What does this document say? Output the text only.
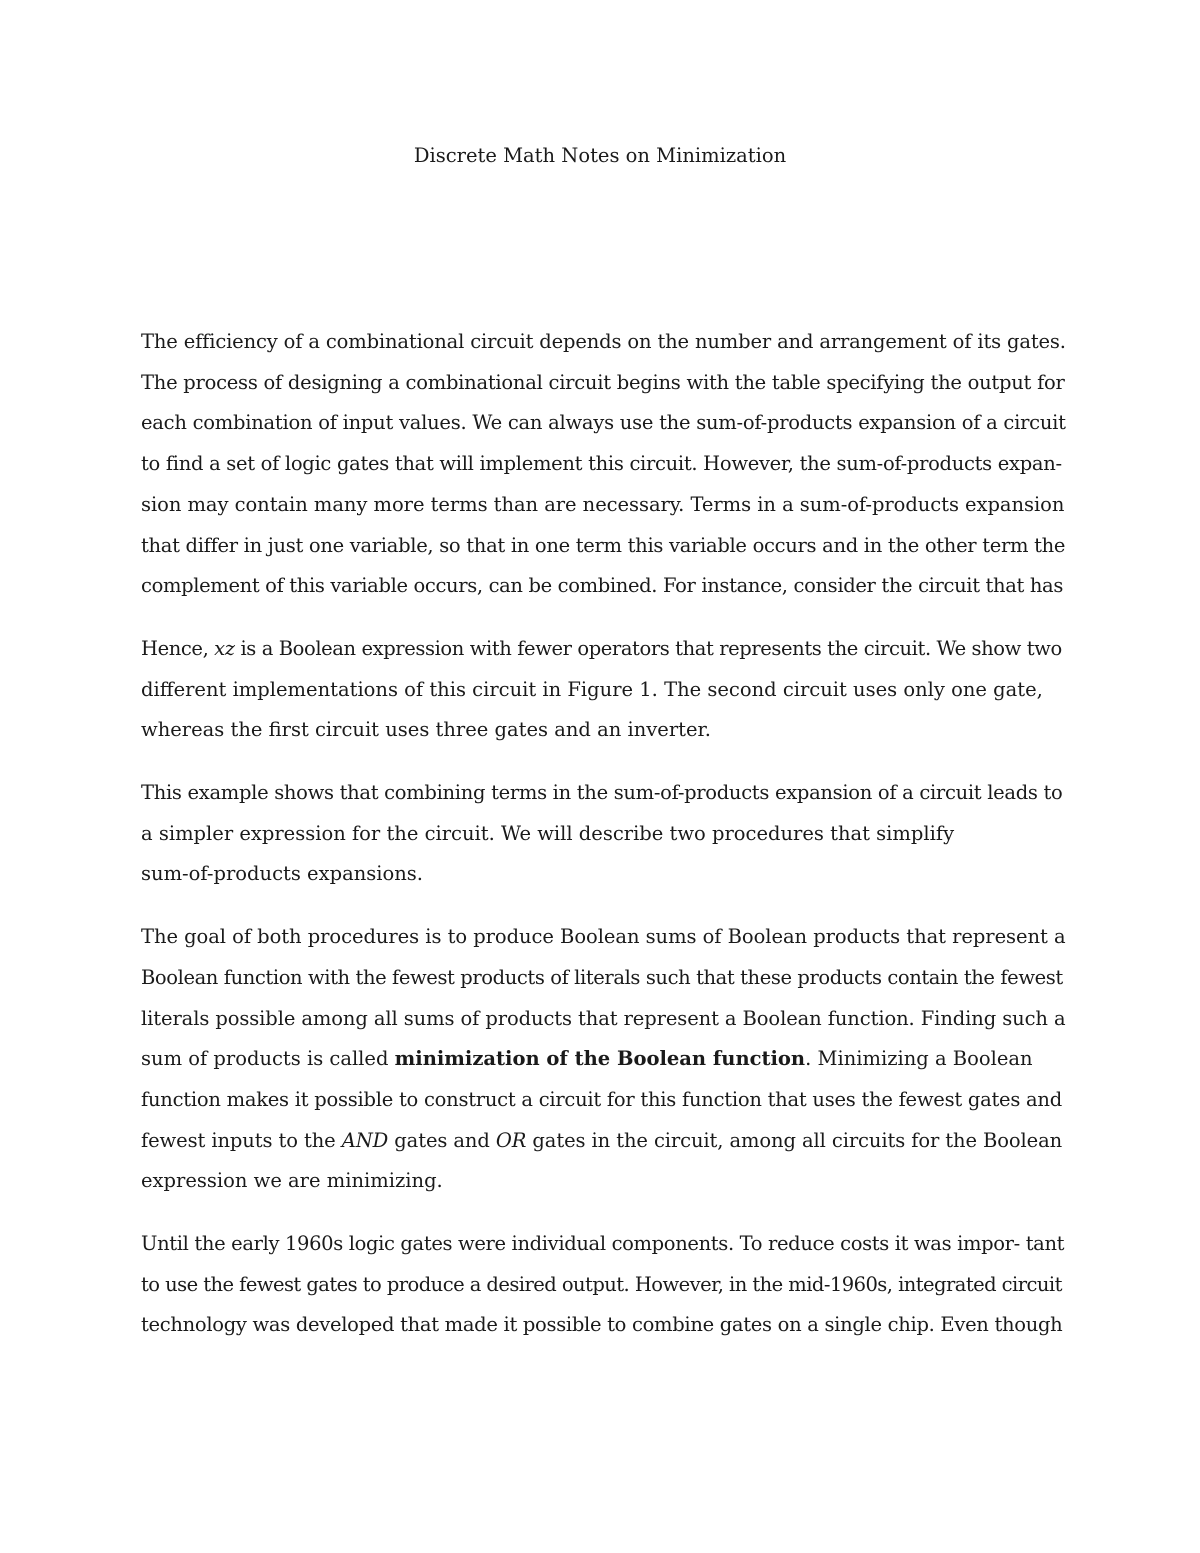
Discrete Math Notes on Minimization
The efficiency of a combinational circuit depends on the number and arrangement of its gates.
The process of designing a combinational circuit begins with the table specifying the output for
each combination of input values. We can always use the sum-of-products expansion of a circuit
to find a set of logic gates that will implement this circuit. However, the sum-of-products expan-
sion may contain many more terms than are necessary. Terms in a sum-of-products expansion
that differ in just one variable, so that in one term this variable occurs and in the other term the
complement of this variable occurs, can be combined. For instance, consider the circuit that has
Hence, xz is a Boolean expression with fewer operators that represents the circuit. We show two
different implementations of this circuit in Figure 1. The second circuit uses only one gate,
whereas the first circuit uses three gates and an inverter.
This example shows that combining terms in the sum-of-products expansion of a circuit leads to
a simpler expression for the circuit. We will describe two procedures that simplify
sum-of-products expansions.
The goal of both procedures is to produce Boolean sums of Boolean products that represent a
Boolean function with the fewest products of literals such that these products contain the fewest
literals possible among all sums of products that represent a Boolean function. Finding such a
sum of products is called minimization of the Boolean function. Minimizing a Boolean
function makes it possible to construct a circuit for this function that uses the fewest gates and
fewest inputs to the AND gates and OR gates in the circuit, among all circuits for the Boolean
expression we are minimizing.
Until the early 1960s logic gates were individual components. To reduce costs it was impor- tant
to use the fewest gates to produce a desired output. However, in the mid-1960s, integrated circuit
technology was developed that made it possible to combine gates on a single chip. Even though
